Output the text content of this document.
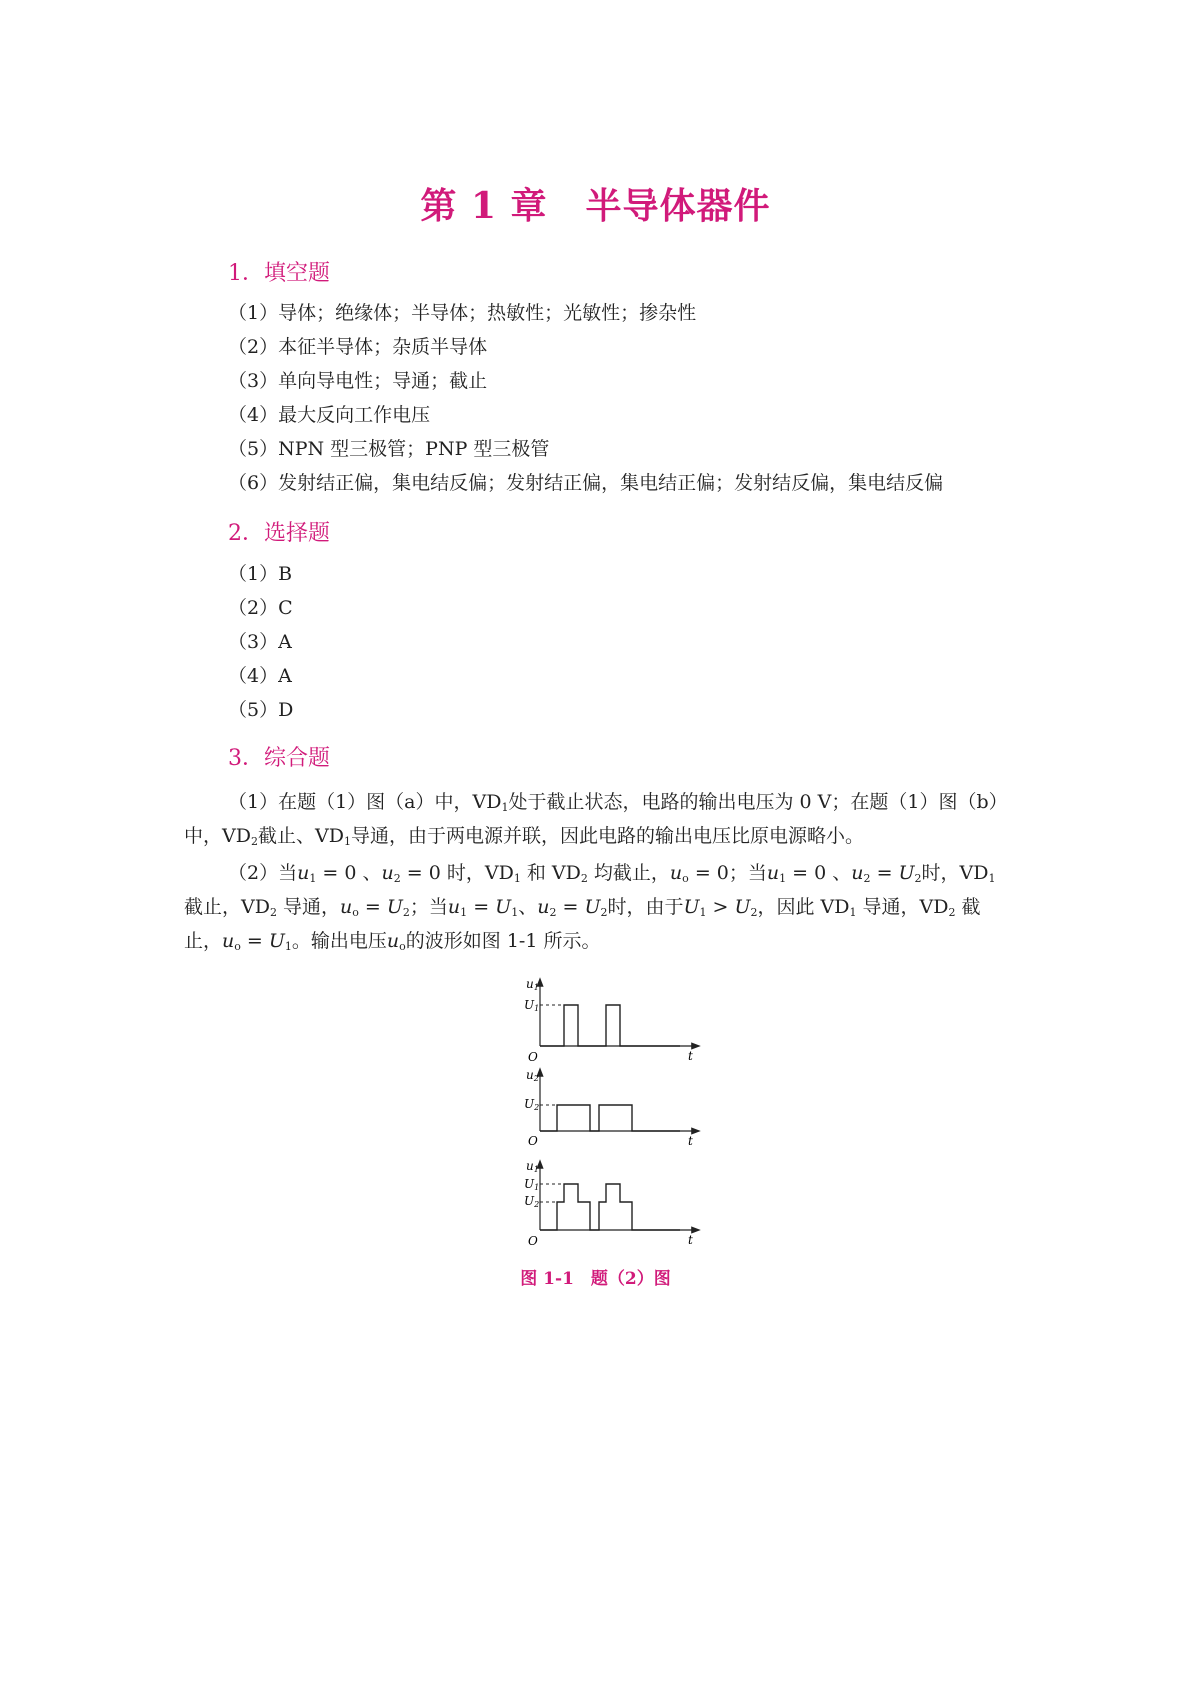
第 1 章 半导体器件
1．填空题
（1）导体；绝缘体；半导体；热敏性；光敏性；掺杂性
（2）本征半导体；杂质半导体
（3）单向导电性；导通；截止
（4）最大反向工作电压
（5）NPN 型三极管；PNP 型三极管
（6）发射结正偏，集电结反偏；发射结正偏，集电结正偏；发射结反偏，集电结反偏
2．选择题
（1）B
（2）C
（3）A
（4）A
（5）D
3．综合题
（1）在题（1）图（a）中，$VD_1$处于截止状态，电路的输出电压为 0 V；在题（1）图（b）中，$VD_2$截止、$VD_1$导通，由于两电源并联，因此电路的输出电压比原电源略小。
（2）当$u_1 = 0$ 、$u_2 = 0$ 时，$VD_1$ 和 $VD_2$ 均截止，$u_o = 0$；当$u_1 = 0$ 、$u_2 = U_2$时，$VD_1$ 截止，$VD_2$ 导通，$u_o = U_2$；当$u_1 = U_1$、$u_2 = U_2$时，由于$U_1 > U_2$，因此 $VD_1$ 导通，$VD_2$ 截止，$u_o = U_1$。输出电压$u_o$的波形如图 1-1 所示。
u1
U1
O	t
u2
U2
O	t
u1
U1
U2
O	t
图 1-1　题（2）图
